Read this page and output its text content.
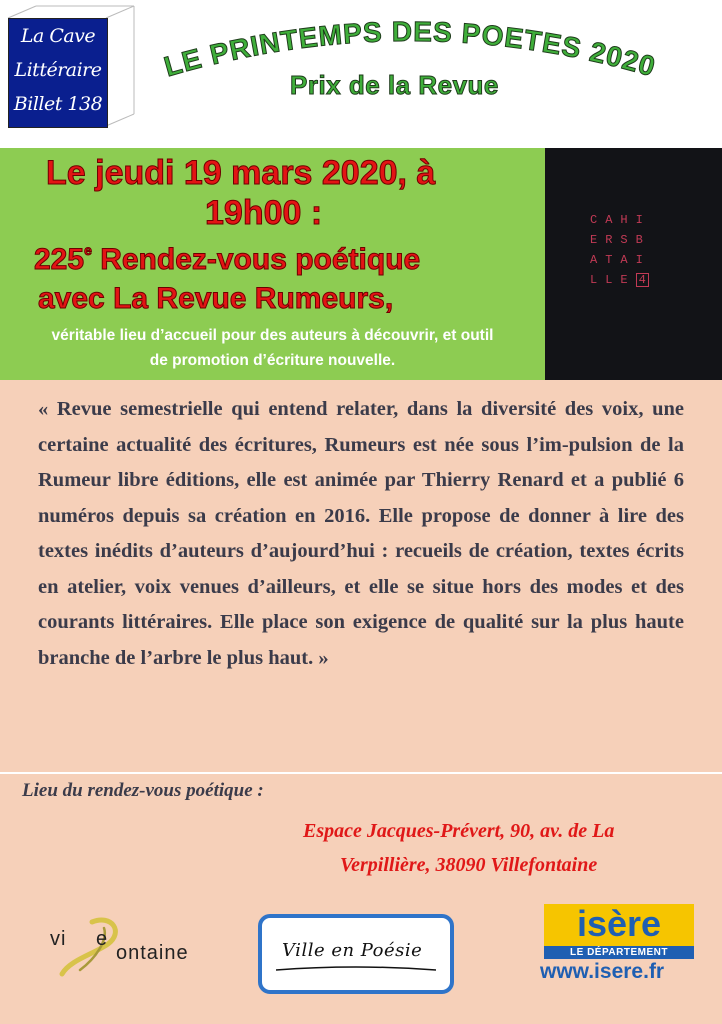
La Cave
Littéraire
Billet 138
LE PRINTEMPS DES POETES 2020
Prix de la Revue
Le jeudi 19 mars 2020, à
19h00 :
225e Rendez-vous poétique
avec La Revue Rumeurs,
véritable lieu d’accueil pour des auteurs à découvrir, et outil
de promotion d’écriture nouvelle.
CAHI
ERSB
ATAI
LLE 4
« Revue semestrielle qui entend relater, dans la diversité des voix, une certaine actualité des écritures, Rumeurs est née sous l’im-pulsion de la Rumeur libre éditions, elle est animée par Thierry Renard et a publié 6 numéros depuis sa création en 2016. Elle propose de donner à lire des textes inédits d’auteurs d’aujourd’hui : recueils de création, textes écrits en atelier, voix venues d’ailleurs, et elle se situe hors des modes et des courants littéraires. Elle place son exigence de qualité sur la plus haute branche de l’arbre le plus haut. »
Lieu du rendez-vous poétique :
Espace Jacques-Prévert, 90, av. de La
Verpillière, 38090 Villefontaine
vi e
ontaine	Ville en Poésie
isère
LE DÉPARTEMENT
www.isere.fr
